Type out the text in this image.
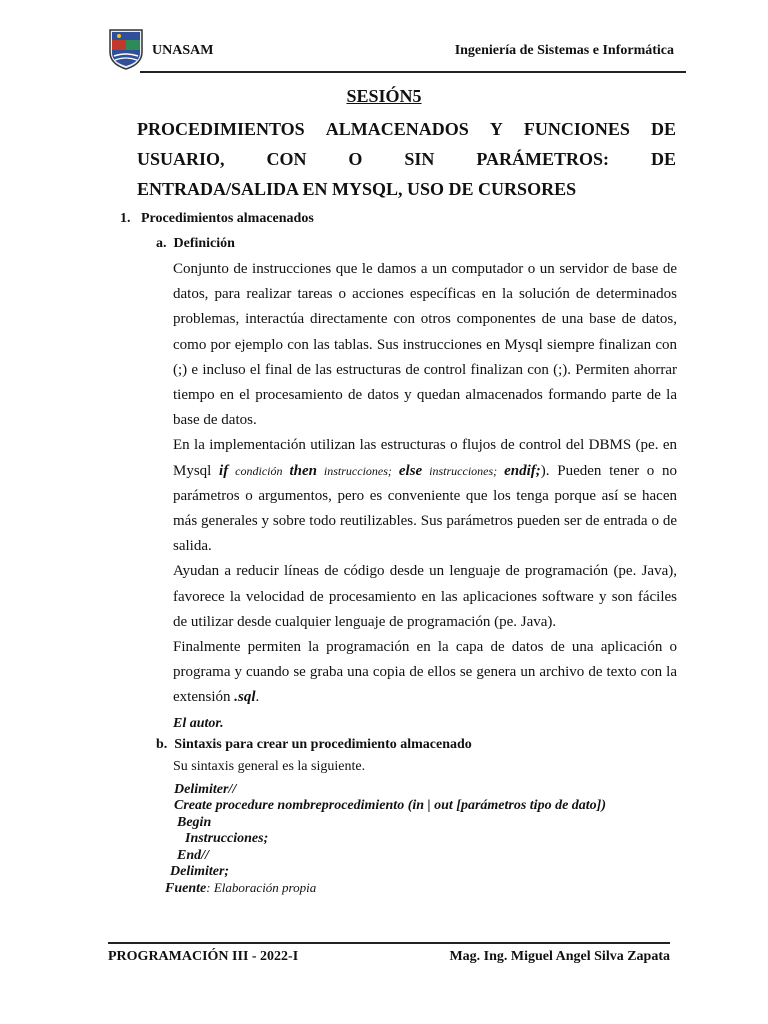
UNASAM	Ingeniería de Sistemas e Informática
SESIÓN5
PROCEDIMIENTOS ALMACENADOS Y FUNCIONES DE
USUARIO, CON O SIN PARÁMETROS: DE
ENTRADA/SALIDA EN MYSQL, USO DE CURSORES
1.   Procedimientos almacenados
a.  Definición

Conjunto de instrucciones que le damos a un computador o un servidor de base de datos, para realizar tareas o acciones específicas en la solución de determinados problemas, interactúa directamente con otros componentes de una base de datos, como por ejemplo con las tablas. Sus instrucciones en Mysql siempre finalizan con (;) e incluso el final de las estructuras de control finalizan con (;). Permiten ahorrar tiempo en el procesamiento de datos y quedan almacenados formando parte de la base de datos.

En la implementación utilizan las estructuras o flujos de control del DBMS (pe. en Mysql if condición then instrucciones; else instrucciones; endif;). Pueden tener o no parámetros o argumentos, pero es conveniente que los tenga porque así se hacen más generales y sobre todo reutilizables. Sus parámetros pueden ser de entrada o de salida.

Ayudan a reducir líneas de código desde un lenguaje de programación (pe. Java), favorece la velocidad de procesamiento en las aplicaciones software y son fáciles de utilizar desde cualquier lenguaje de programación (pe. Java).

Finalmente permiten la programación en la capa de datos de una aplicación o programa y cuando se graba una copia de ellos se genera un archivo de texto con la extensión .sql.

El autor.

b.  Sintaxis para crear un procedimiento almacenado
Su sintaxis general es la siguiente.
Delimiter//
Create procedure nombreprocedimiento (in | out [parámetros tipo de dato])
Begin
Instrucciones;
End//
Delimiter;
Fuente: Elaboración propia
PROGRAMACIÓN III - 2022-I	Mag. Ing. Miguel Angel Silva Zapata
